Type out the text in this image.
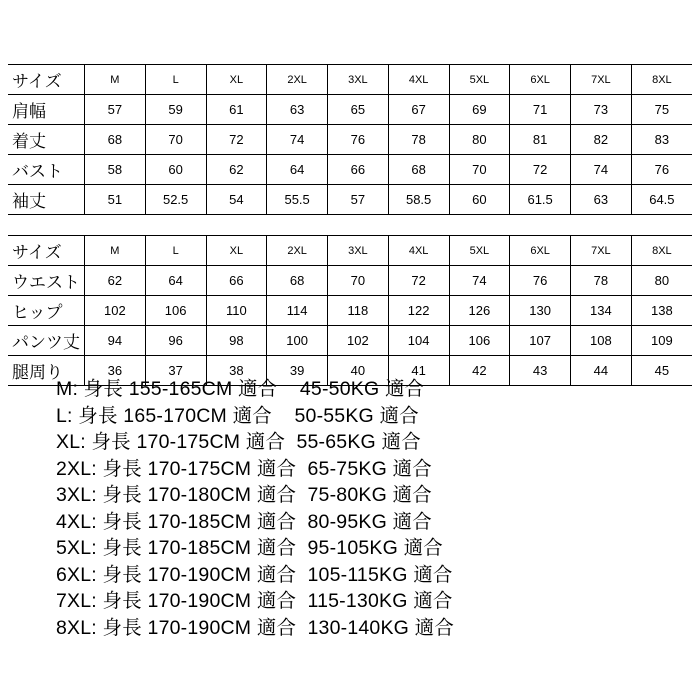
サイズ	M	L	XL	2XL	3XL	4XL	5XL	6XL	7XL	8XL
肩幅	57	59	61	63	65	67	69	71	73	75
着丈	68	70	72	74	76	78	80	81	82	83
バスト	58	60	62	64	66	68	70	72	74	76
袖丈	51	52.5	54	55.5	57	58.5	60	61.5	63	64.5
サイズ	M	L	XL	2XL	3XL	4XL	5XL	6XL	7XL	8XL
ウエスト	62	64	66	68	70	72	74	76	78	80
ヒップ	102	106	110	114	118	122	126	130	134	138
パンツ丈	94	96	98	100	102	104	106	107	108	109
腿周り	36	37	38	39	40	41	42	43	44	45
M: 身長 155-165CM 適合    45-50KG 適合
L: 身長 165-170CM 適合    50-55KG 適合
XL: 身長 170-175CM 適合  55-65KG 適合
2XL: 身長 170-175CM 適合  65-75KG 適合
3XL: 身長 170-180CM 適合  75-80KG 適合
4XL: 身長 170-185CM 適合  80-95KG 適合
5XL: 身長 170-185CM 適合  95-105KG 適合
6XL: 身長 170-190CM 適合  105-115KG 適合
7XL: 身長 170-190CM 適合  115-130KG 適合
8XL: 身長 170-190CM 適合  130-140KG 適合
